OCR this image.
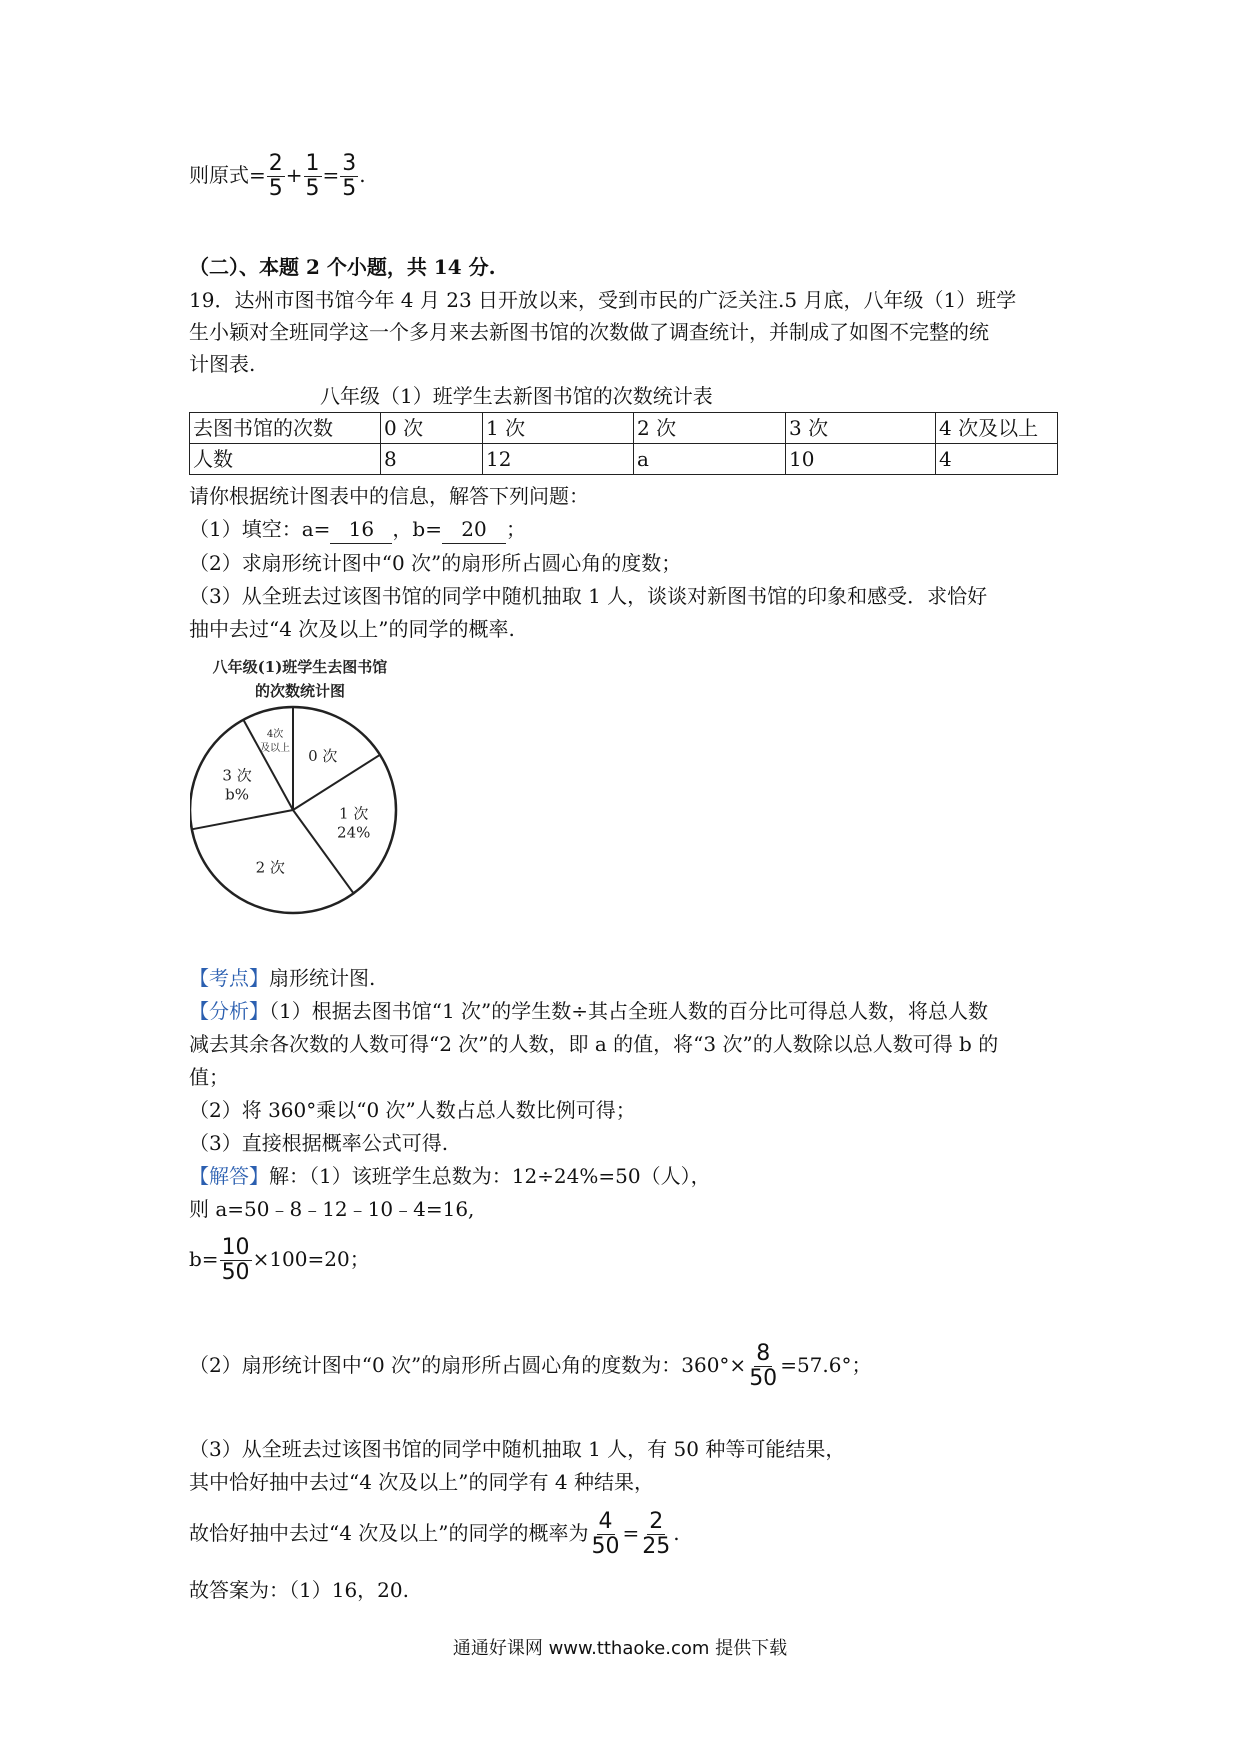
则原式= $\frac{2}{5} + \frac{1}{5} = \frac{3}{5}$ .
（二）、本题 2 个小题，共 14 分.
19．达州市图书馆今年 4 月 23 日开放以来，受到市民的广泛关注.5 月底，八年级（1）班学
生小颖对全班同学这一个多月来去新图书馆的次数做了调查统计，并制成了如图不完整的统
计图表.
八年级（1）班学生去新图书馆的次数统计表
去图书馆的次数	0 次	1 次	2 次	3 次	4 次及以上
人数	8	12	a	10	4
请你根据统计图表中的信息，解答下列问题：
（1）填空：a= 16 ，b= 20 ；
（2）求扇形统计图中“0 次”的扇形所占圆心角的度数；
（3）从全班去过该图书馆的同学中随机抽取 1 人，谈谈对新图书馆的印象和感受．求恰好
抽中去过“4 次及以上”的同学的概率.
八年级(1)班学生去图书馆
的次数统计图
0 次
1 次
24%
2 次
3 次
b%
4次
及以上
【考点】扇形统计图.
【分析】（1）根据去图书馆“1 次”的学生数÷其占全班人数的百分比可得总人数，将总人数
减去其余各次数的人数可得“2 次”的人数，即 a 的值，将“3 次”的人数除以总人数可得 b 的
值；
（2）将 360°乘以“0 次”人数占总人数比例可得；
（3）直接根据概率公式可得.
【解答】解：（1）该班学生总数为：12÷24%=50（人），
则 a=50﹣8﹣12﹣10﹣4=16,
$b= \frac{10}{50} \times 100=20$；
（2）扇形统计图中“0 次”的扇形所占圆心角的度数为：$360^\circ\times \frac{8}{50} =57.6^\circ$；
（3）从全班去过该图书馆的同学中随机抽取 1 人，有 50 种等可能结果，
其中恰好抽中去过“4 次及以上”的同学有 4 种结果，
故恰好抽中去过“4 次及以上”的同学的概率为 $\frac{4}{50} = \frac{2}{25}$ .
故答案为：（1）16，20.
通通好课网 www.tthaoke.com 提供下载
